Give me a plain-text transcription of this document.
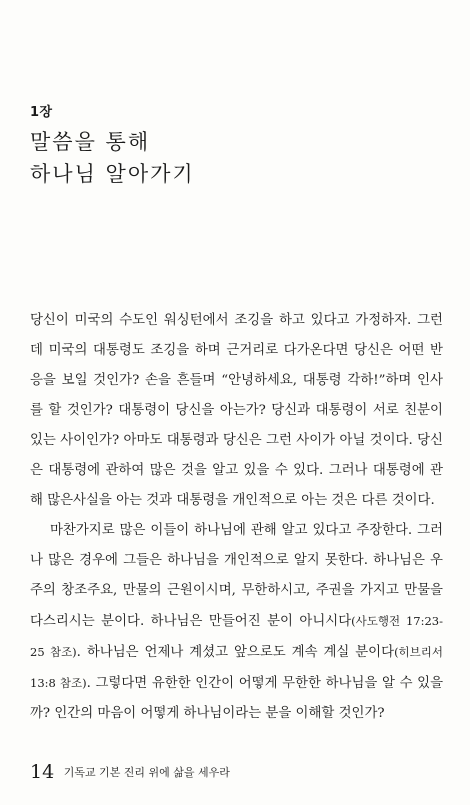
1장
말씀을 통해
하나님 알아가기

당신이 미국의 수도인 워싱턴에서 조깅을 하고 있다고 가정하자. 그런데 미국의 대통령도 조깅을 하며 근거리로 다가온다면 당신은 어떤 반응을 보일 것인가? 손을 흔들며 “안녕하세요, 대통령 각하!”하며 인사를 할 것인가? 대통령이 당신을 아는가? 당신과 대통령이 서로 친분이 있는 사이인가? 아마도 대통령과 당신은 그런 사이가 아닐 것이다. 당신은 대통령에 관하여 많은 것을 알고 있을 수 있다. 그러나 대통령에 관해 많은사실을 아는 것과 대통령을 개인적으로 아는 것은 다른 것이다.

마찬가지로 많은 이들이 하나님에 관해 알고 있다고 주장한다. 그러나 많은 경우에 그들은 하나님을 개인적으로 알지 못한다. 하나님은 우주의 창조주요, 만물의 근원이시며, 무한하시고, 주권을 가지고 만물을 다스리시는 분이다. 하나님은 만들어진 분이 아니시다(사도행전 17:23-25 참조). 하나님은 언제나 계셨고 앞으로도 계속 계실 분이다(히브리서 13:8 참조). 그렇다면 유한한 인간이 어떻게 무한한 하나님을 알 수 있을까? 인간의 마음이 어떻게 하나님이라는 분을 이해할 것인가?

14 기독교 기본 진리 위에 삶을 세우라
